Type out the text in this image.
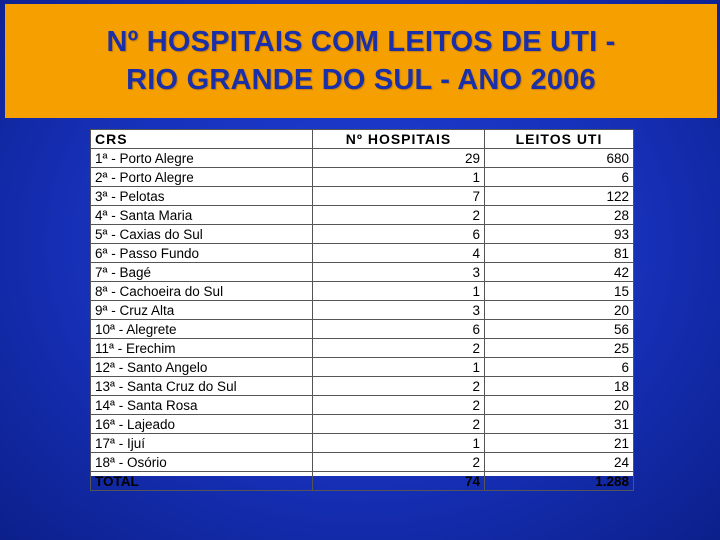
Nº HOSPITAIS COM LEITOS DE UTI -
RIO GRANDE DO SUL - ANO 2006
CRS	Nº HOSPITAIS	LEITOS UTI
1ª - Porto Alegre	29	680
2ª - Porto Alegre	1	6
3ª - Pelotas	7	122
4ª - Santa Maria	2	28
5ª - Caxias do Sul	6	93
6ª - Passo Fundo	4	81
7ª - Bagé	3	42
8ª - Cachoeira do Sul	1	15
9ª - Cruz Alta	3	20
10ª - Alegrete	6	56
11ª - Erechim	2	25
12ª - Santo Angelo	1	6
13ª - Santa Cruz do Sul	2	18
14ª - Santa Rosa	2	20
16ª - Lajeado	2	31
17ª - Ijuí	1	21
18ª - Osório	2	24
TOTAL	74	1.288
